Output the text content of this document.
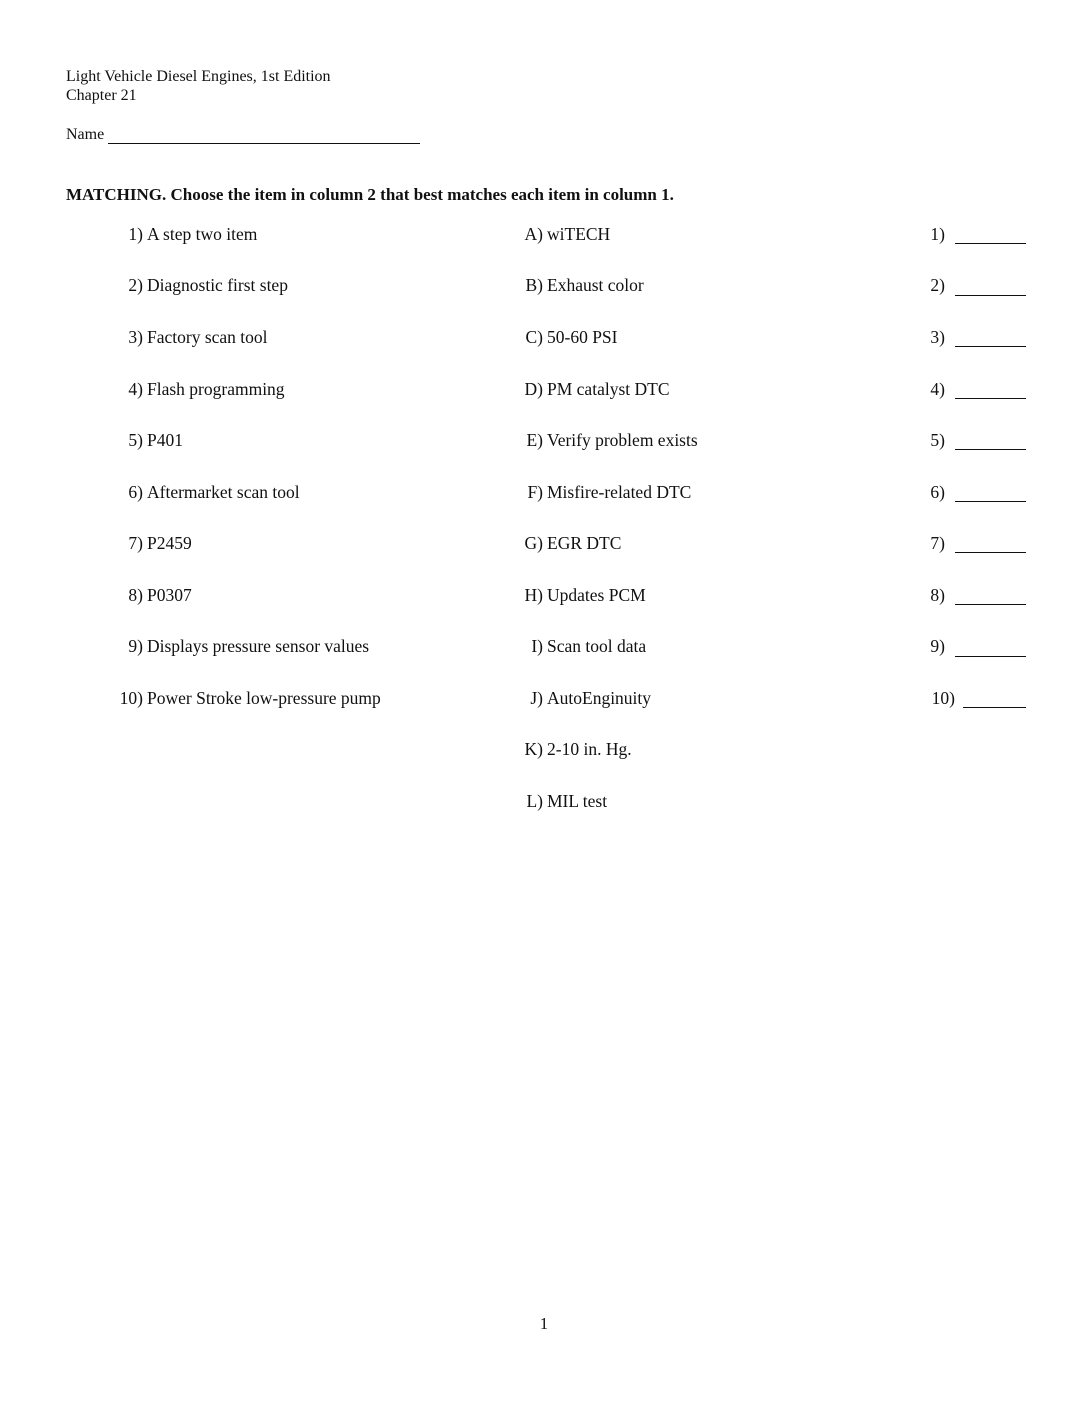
Light Vehicle Diesel Engines, 1st Edition
Chapter 21
Name
MATCHING. Choose the item in column 2 that best matches each item in column 1.
1) A step two item
2) Diagnostic first step
3) Factory scan tool
4) Flash programming
5) P401
6) Aftermarket scan tool
7) P2459
8) P0307
9) Displays pressure sensor values
10) Power Stroke low-pressure pump
A) wiTECH
B) Exhaust color
C) 50-60 PSI
D) PM catalyst DTC
E) Verify problem exists
F) Misfire-related DTC
G) EGR DTC
H) Updates PCM
I) Scan tool data
J) AutoEnginuity
K) 2-10 in. Hg.
L) MIL test
1)
2)
3)
4)
5)
6)
7)
8)
9)
10)
1
